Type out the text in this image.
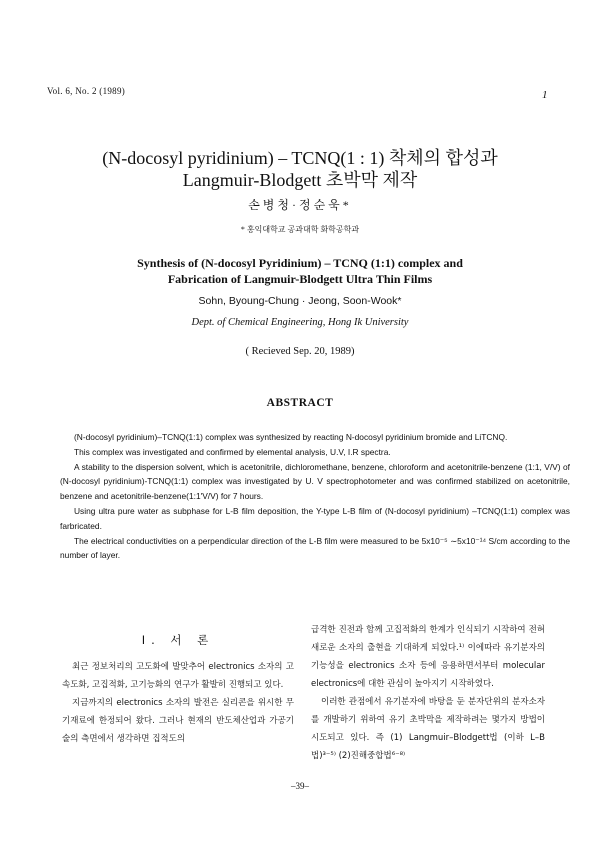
Vol. 6, No. 2 (1989)	1
(N-docosyl pyridinium) – TCNQ(1 : 1) 착체의 합성과
Langmuir-Blodgett 초박막 제작
손병청·정순욱*
* 홍익대학교 공과대학 화학공학과
Synthesis of (N-docosyl Pyridinium) – TCNQ (1:1) complex and
Fabrication of Langmuir-Blodgett Ultra Thin Films
Sohn, Byoung-Chung · Jeong, Soon-Wook*
Dept. of Chemical Engineering, Hong Ik University
( Recieved Sep. 20, 1989)
ABSTRACT

(N-docosyl pyridinium)–TCNQ(1:1) complex was synthesized by reacting N-docosyl pyridinium bromide and LiTCNQ.

This complex was investigated and confirmed by elemental analysis, U.V, I.R spectra.

A stability to the dispersion solvent, which is acetonitrile, dichloromethane, benzene, chloroform and acetonitrile-benzene (1:1, V/V) of (N-docosyl pyridinium)-TCNQ(1:1) complex was investigated by U. V spectrophotometer and was confirmed stabilized on acetonitrile, benzene and acetonitrile-benzene(1:1'V/V) for 7 hours.

Using ultra pure water as subphase for L-B film deposition, the Y-type L-B film of (N-docosyl pyridinium) –TCNQ(1:1) complex was farbricated.

The electrical conductivities on a perpendicular direction of the L-B film were measured to be 5x10⁻⁵ ∼5x10⁻¹⁴ S/cm according to the number of layer.

I. 서 론

최근 정보처리의 고도화에 발맞추어 electronics 소자의 고속도화, 고집적화, 고기능화의 연구가 활발히 진행되고 있다.

지금까지의 electronics 소자의 발전은 실리콘을 위시한 무기재료에 한정되어 왔다. 그러나 현재의 반도체산업과 가공기술의 측면에서 생각하면 집적도의

급격한 진전과 함께 고집적화의 한계가 인식되기 시작하여 전혀 새로운 소자의 출현을 기대하게 되었다.¹⁾ 이에따라 유기분자의 기능성을 electronics 소자 등에 응용하면서부터 molecular electronics에 대한 관심이 높아지기 시작하였다.

이러한 관점에서 유기분자에 바탕을 둔 분자단위의 분자소자를 개발하기 위하여 유기 초박막을 제작하려는 몇가지 방법이 시도되고 있다. 즉 (1) Langmuir–Blodgett법 (이하 L–B법)³⁻⁵⁾ (2)진해중합법⁶⁻⁸⁾

–39–
